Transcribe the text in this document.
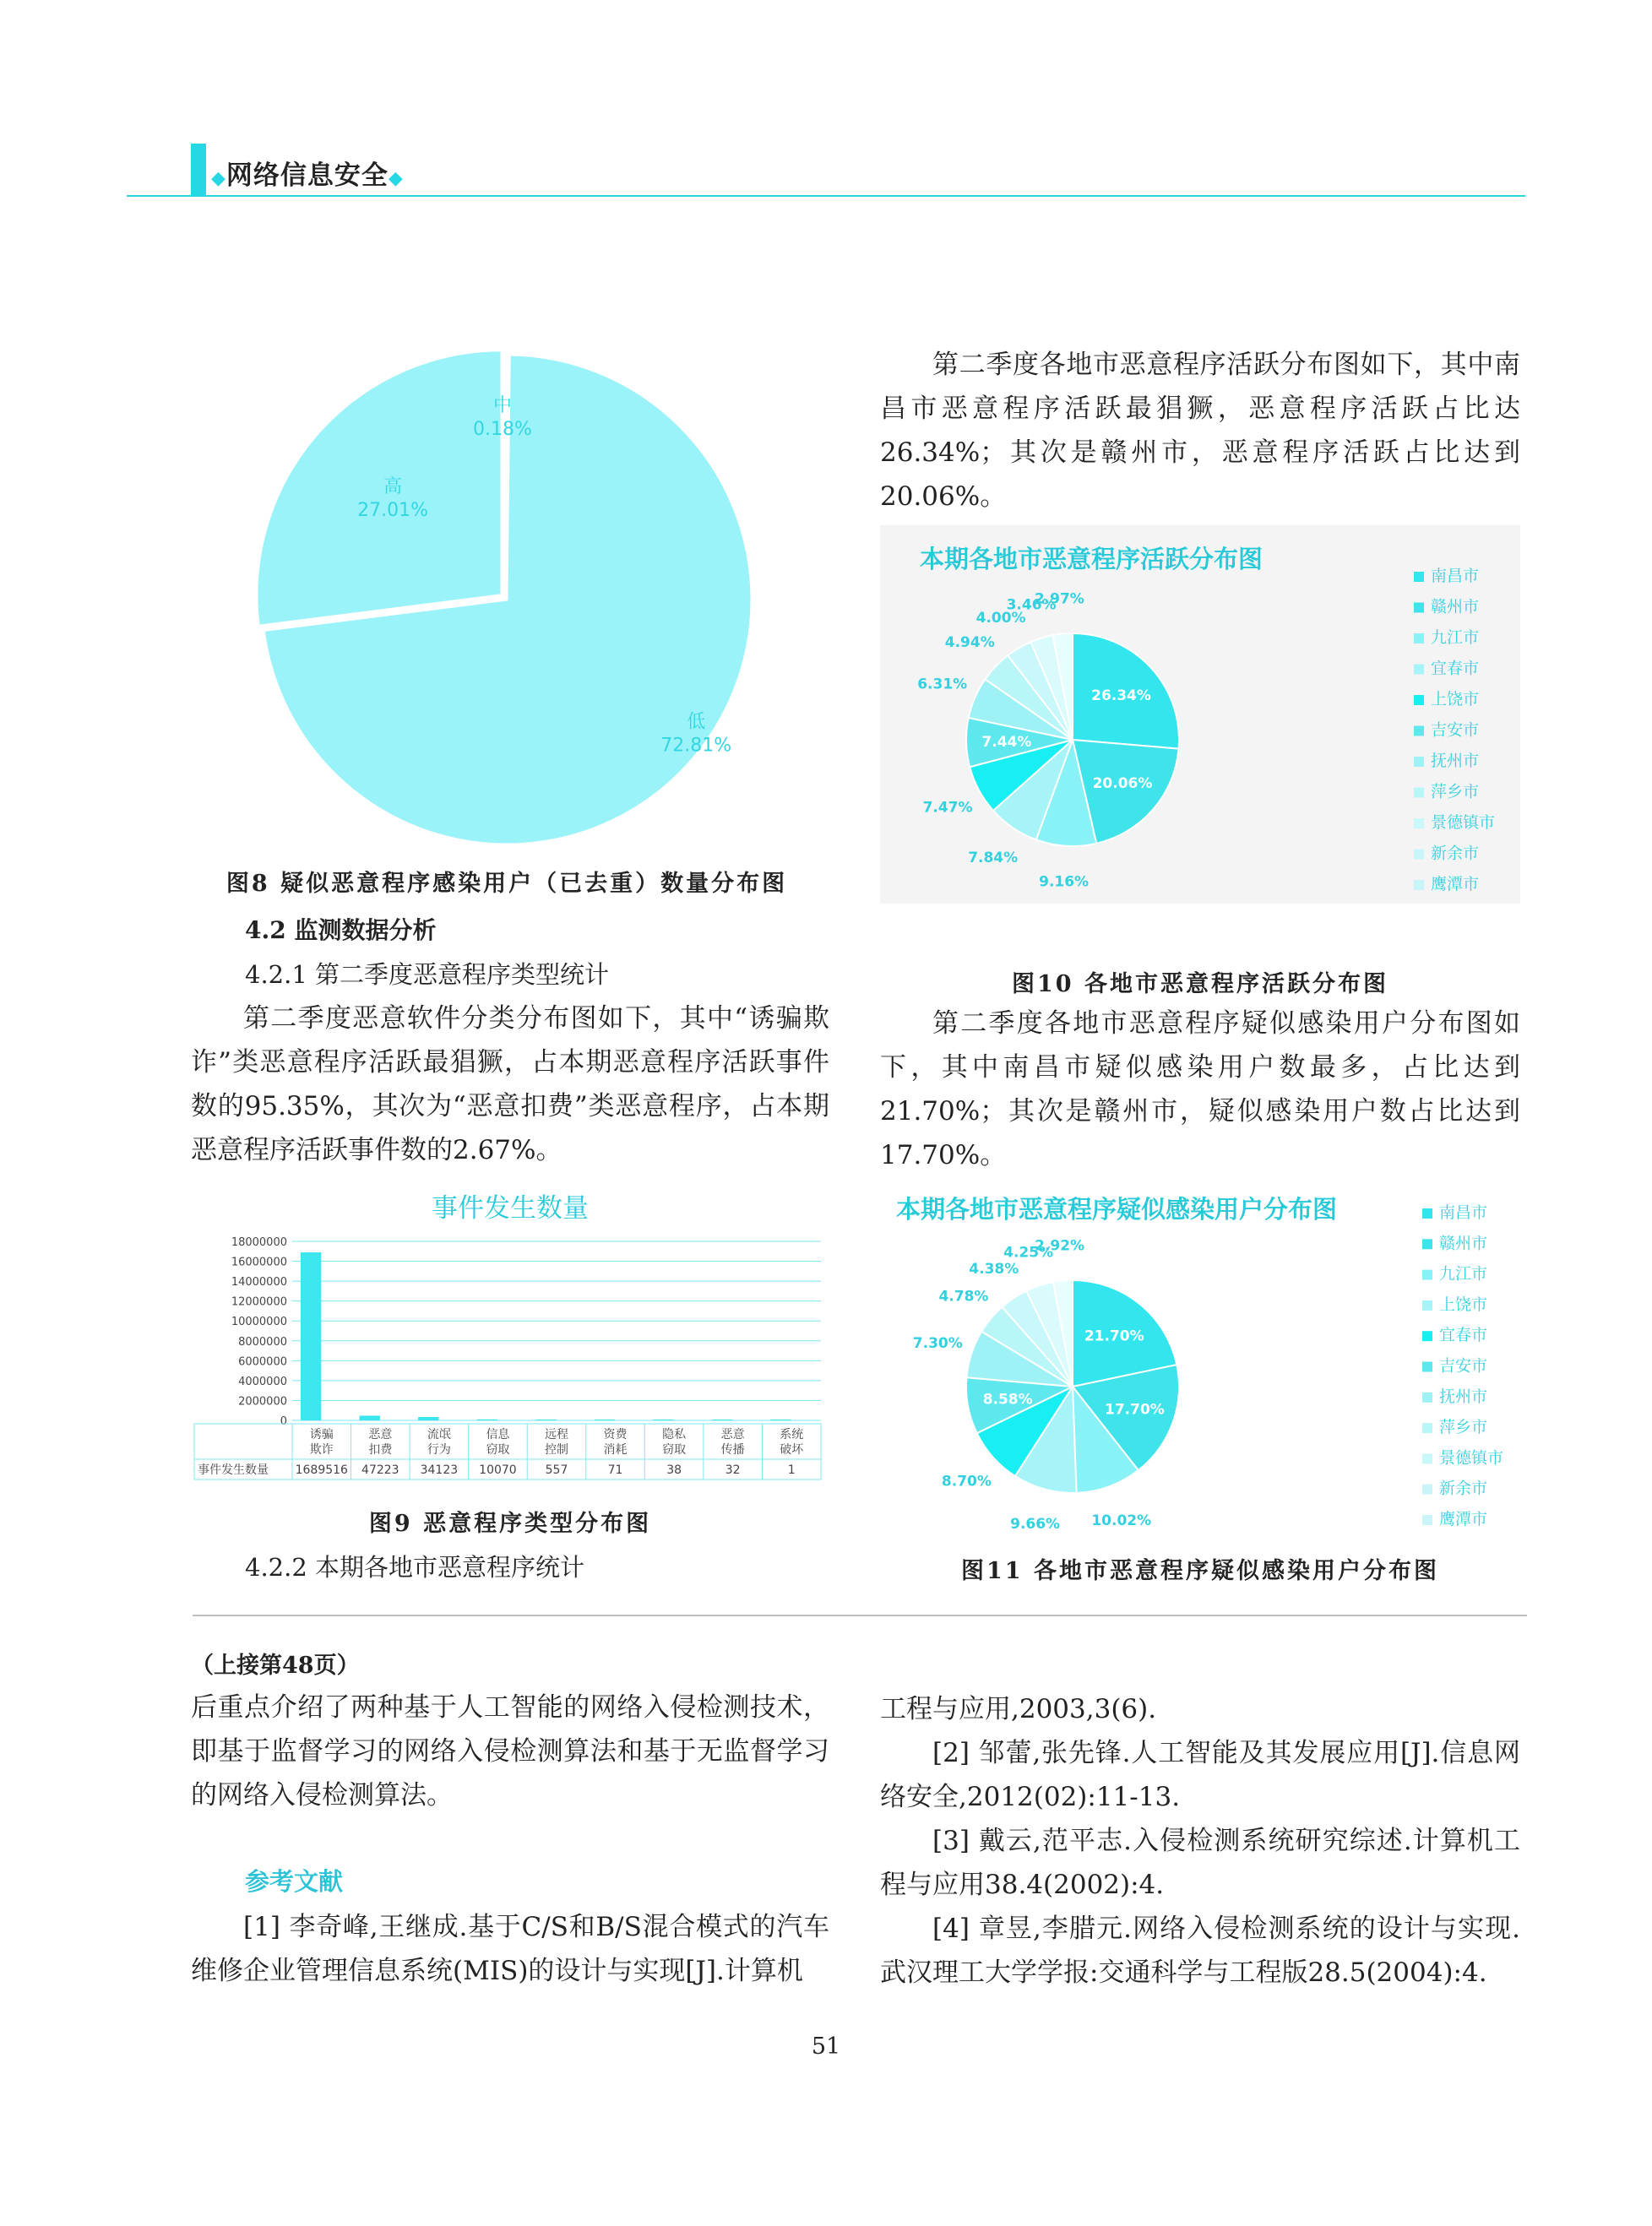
◆网络信息安全◆
中
0.18%
低
72.81%
高
27.01%
图8 疑似恶意程序感染用户（已去重）数量分布图
4.2 监测数据分析
4.2.1 第二季度恶意程序类型统计

第二季度恶意软件分类分布图如下，其中“诱骗欺诈”类恶意程序活跃最猖獗，占本期恶意程序活跃事件数的95.35%，其次为“恶意扣费”类恶意程序，占本期恶意程序活跃事件数的2.67%。

事件发生数量
0
2000000
4000000
6000000
8000000
10000000
12000000
14000000
16000000
18000000
事件发生数量
诱骗
欺诈
1689516
恶意
扣费
47223
流氓
行为
34123
信息
窃取
10070
远程
控制
557
资费
消耗
71
隐私
窃取
38
恶意
传播
32
系统
破坏
1
图9 恶意程序类型分布图
4.2.2 本期各地市恶意程序统计

第二季度各地市恶意程序活跃分布图如下，其中南昌市恶意程序活跃最猖獗，恶意程序活跃占比达26.34%；其次是赣州市，恶意程序活跃占比达到20.06%。

本期各地市恶意程序活跃分布图
26.34%
20.06%
9.16%
7.84%
7.47%
7.44%
6.31%
4.94%
4.00%
3.46%
2.97%
南昌市
赣州市
九江市
宜春市
上饶市
吉安市
抚州市
萍乡市
景德镇市
新余市
鹰潭市
图10 各地市恶意程序活跃分布图

第二季度各地市恶意程序疑似感染用户分布图如下，其中南昌市疑似感染用户数最多，占比达到21.70%；其次是赣州市，疑似感染用户数占比达到17.70%。

本期各地市恶意程序疑似感染用户分布图
21.70%
17.70%
10.02%
9.66%
8.70%
8.58%
7.30%
4.78%
4.38%
4.25%
2.92%
南昌市
赣州市
九江市
上饶市
宜春市
吉安市
抚州市
萍乡市
景德镇市
新余市
鹰潭市
图11 各地市恶意程序疑似感染用户分布图
（上接第48页）

后重点介绍了两种基于人工智能的网络入侵检测技术，即基于监督学习的网络入侵检测算法和基于无监督学习的网络入侵检测算法。

参考文献

[1] 李奇峰,王继成.基于C/S和B/S混合模式的汽车维修企业管理信息系统(MIS)的设计与实现[J].计算机

工程与应用,2003,3(6).

[2] 邹蕾,张先锋.人工智能及其发展应用[J].信息网络安全,2012(02):11-13.

[3] 戴云,范平志.入侵检测系统研究综述.计算机工程与应用38.4(2002):4.

[4] 章昱,李腊元.网络入侵检测系统的设计与实现.武汉理工大学学报:交通科学与工程版28.5(2004):4.

51
